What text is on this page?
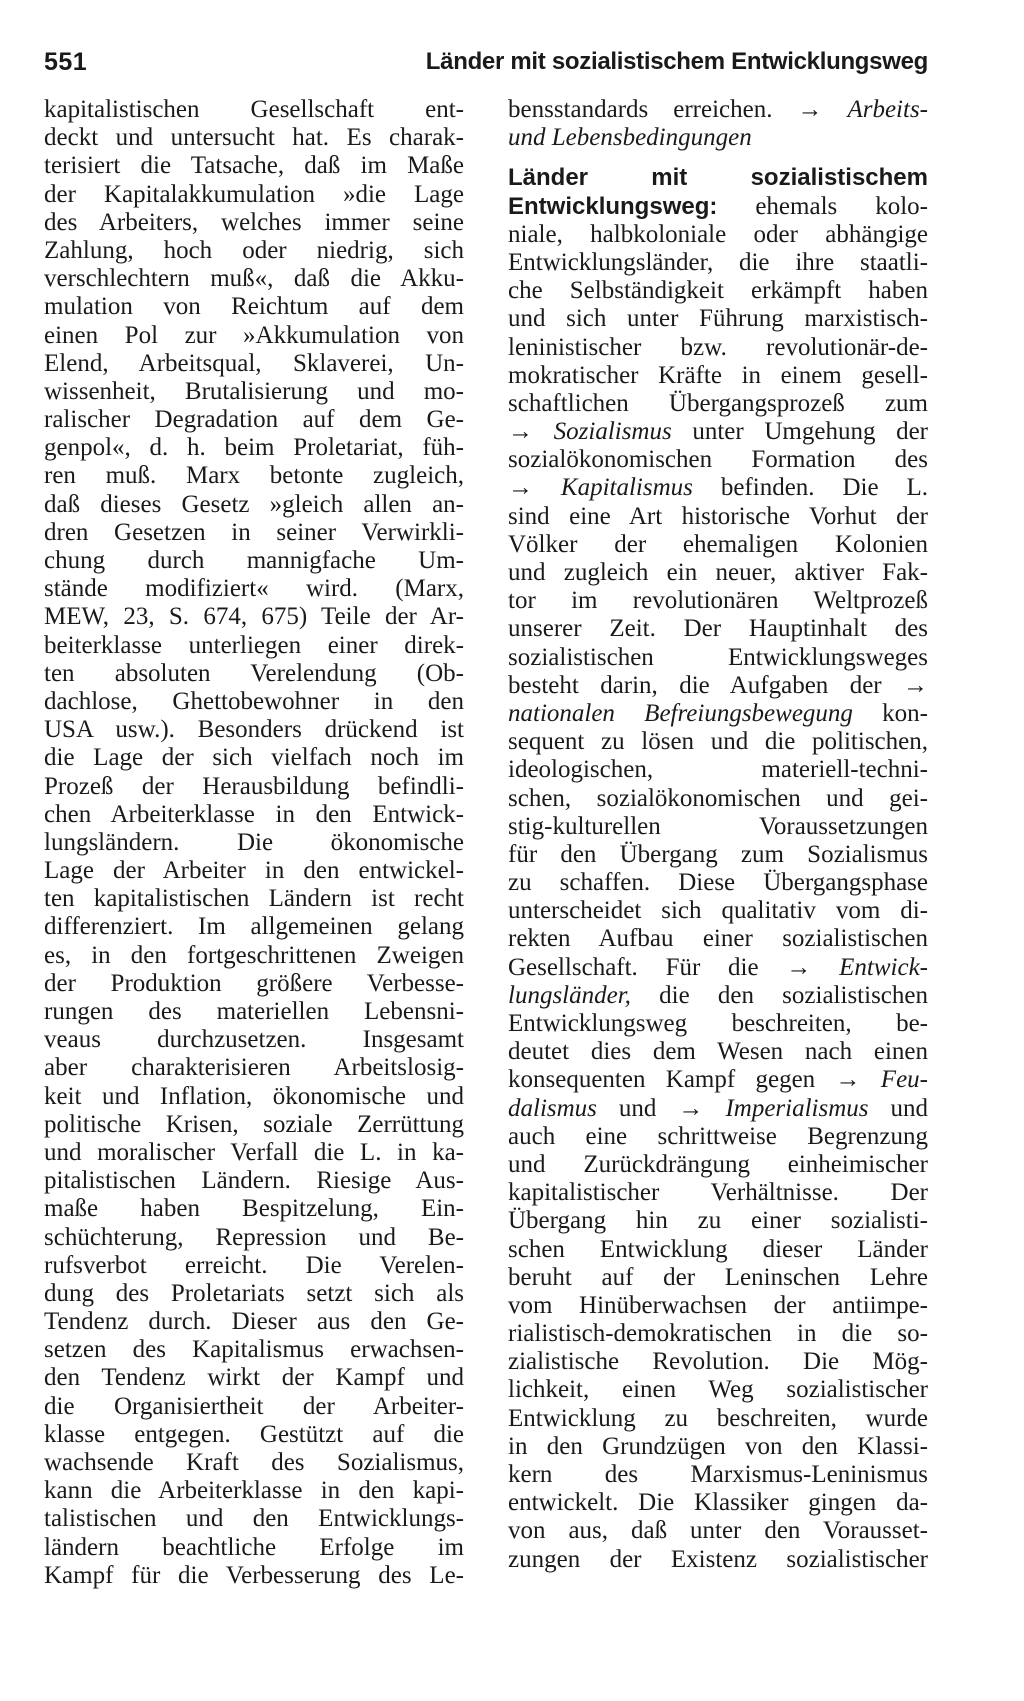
551	Länder mit sozialistischem Entwicklungsweg
kapitalistischen Gesellschaft ent-
deckt und untersucht hat. Es charak-
terisiert die Tatsache, daß im Maße
der Kapitalakkumulation »die Lage
des Arbeiters, welches immer seine
Zahlung, hoch oder niedrig, sich
verschlechtern muß«, daß die Akku-
mulation von Reichtum auf dem
einen Pol zur »Akkumulation von
Elend, Arbeitsqual, Sklaverei, Un-
wissenheit, Brutalisierung und mo-
ralischer Degradation auf dem Ge-
genpol«, d. h. beim Proletariat, füh-
ren muß. Marx betonte zugleich,
daß dieses Gesetz »gleich allen an-
dren Gesetzen in seiner Verwirkli-
chung durch mannigfache Um-
stände modifiziert« wird. (Marx,
MEW, 23, S. 674, 675) Teile der Ar-
beiterklasse unterliegen einer direk-
ten absoluten Verelendung (Ob-
dachlose, Ghettobewohner in den
USA usw.). Besonders drückend ist
die Lage der sich vielfach noch im
Prozeß der Herausbildung befindli-
chen Arbeiterklasse in den Entwick-
lungsländern. Die ökonomische
Lage der Arbeiter in den entwickel-
ten kapitalistischen Ländern ist recht
differenziert. Im allgemeinen gelang
es, in den fortgeschrittenen Zweigen
der Produktion größere Verbesse-
rungen des materiellen Lebensni-
veaus durchzusetzen. Insgesamt
aber charakterisieren Arbeitslosig-
keit und Inflation, ökonomische und
politische Krisen, soziale Zerrüttung
und moralischer Verfall die L. in ka-
pitalistischen Ländern. Riesige Aus-
maße haben Bespitzelung, Ein-
schüchterung, Repression und Be-
rufsverbot erreicht. Die Verelen-
dung des Proletariats setzt sich als
Tendenz durch. Dieser aus den Ge-
setzen des Kapitalismus erwachsen-
den Tendenz wirkt der Kampf und
die Organisiertheit der Arbeiter-
klasse entgegen. Gestützt auf die
wachsende Kraft des Sozialismus,
kann die Arbeiterklasse in den kapi-
talistischen und den Entwicklungs-
ländern beachtliche Erfolge im
Kampf für die Verbesserung des Le-
bensstandards erreichen. → Arbeits-
und Lebensbedingungen
Länder mit sozialistischem
Entwicklungsweg: ehemals kolo-
niale, halbkoloniale oder abhängige
Entwicklungsländer, die ihre staatli-
che Selbständigkeit erkämpft haben
und sich unter Führung marxistisch-
leninistischer bzw. revolutionär-de-
mokratischer Kräfte in einem gesell-
schaftlichen Übergangsprozeß zum
→ Sozialismus unter Umgehung der
sozialökonomischen Formation des
→ Kapitalismus befinden. Die L.
sind eine Art historische Vorhut der
Völker der ehemaligen Kolonien
und zugleich ein neuer, aktiver Fak-
tor im revolutionären Weltprozeß
unserer Zeit. Der Hauptinhalt des
sozialistischen Entwicklungsweges
besteht darin, die Aufgaben der →
nationalen Befreiungsbewegung kon-
sequent zu lösen und die politischen,
ideologischen, materiell-techni-
schen, sozialökonomischen und gei-
stig-kulturellen Voraussetzungen
für den Übergang zum Sozialismus
zu schaffen. Diese Übergangsphase
unterscheidet sich qualitativ vom di-
rekten Aufbau einer sozialistischen
Gesellschaft. Für die → Entwick-
lungsländer, die den sozialistischen
Entwicklungsweg beschreiten, be-
deutet dies dem Wesen nach einen
konsequenten Kampf gegen → Feu-
dalismus und → Imperialismus und
auch eine schrittweise Begrenzung
und Zurückdrängung einheimischer
kapitalistischer Verhältnisse. Der
Übergang hin zu einer sozialisti-
schen Entwicklung dieser Länder
beruht auf der Leninschen Lehre
vom Hinüberwachsen der antiimpe-
rialistisch-demokratischen in die so-
zialistische Revolution. Die Mög-
lichkeit, einen Weg sozialistischer
Entwicklung zu beschreiten, wurde
in den Grundzügen von den Klassi-
kern des Marxismus-Leninismus
entwickelt. Die Klassiker gingen da-
von aus, daß unter den Vorausset-
zungen der Existenz sozialistischer
